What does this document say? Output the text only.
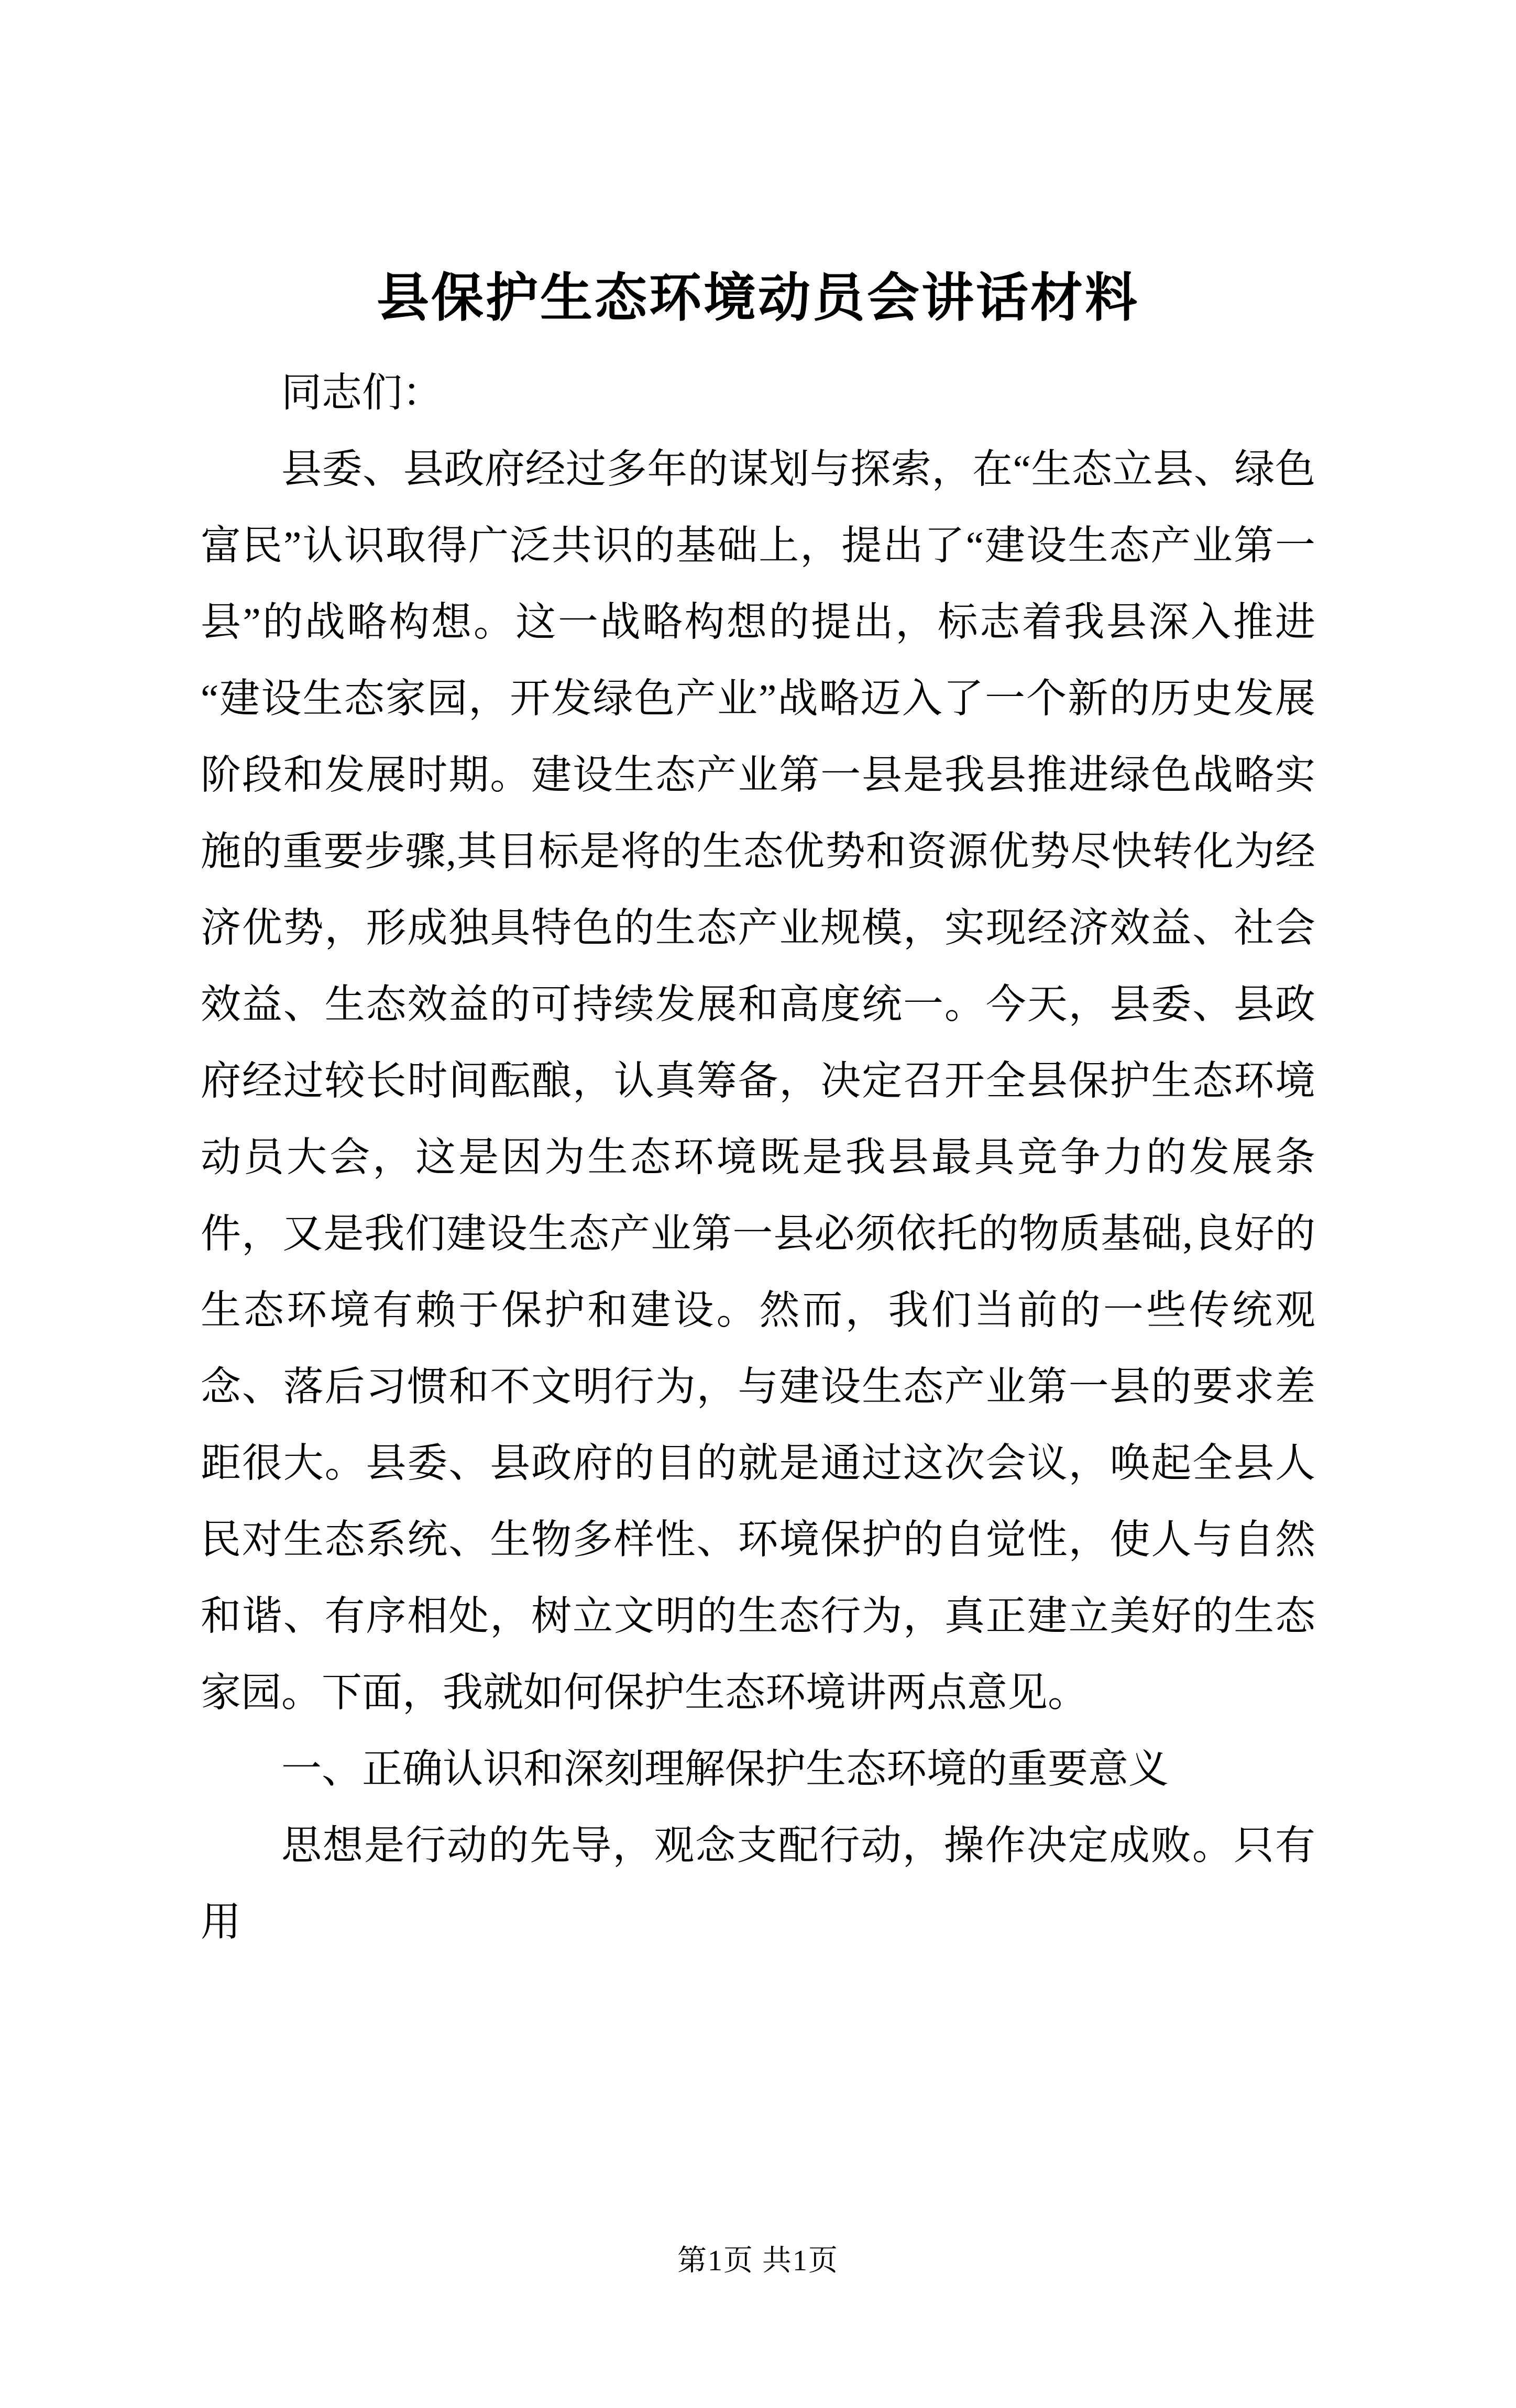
县保护生态环境动员会讲话材料

同志们：

县委、县政府经过多年的谋划与探索，在“生态立县、绿色富民”认识取得广泛共识的基础上，提出了“建设生态产业第一县”的战略构想。这一战略构想的提出，标志着我县深入推进“建设生态家园，开发绿色产业”战略迈入了一个新的历史发展阶段和发展时期。建设生态产业第一县是我县推进绿色战略实施的重要步骤,其目标是将的生态优势和资源优势尽快转化为经济优势，形成独具特色的生态产业规模，实现经济效益、社会效益、生态效益的可持续发展和高度统一。今天，县委、县政府经过较长时间酝酿，认真筹备，决定召开全县保护生态环境动员大会，这是因为生态环境既是我县最具竞争力的发展条件，又是我们建设生态产业第一县必须依托的物质基础,良好的生态环境有赖于保护和建设。然而，我们当前的一些传统观念、落后习惯和不文明行为，与建设生态产业第一县的要求差距很大。县委、县政府的目的就是通过这次会议，唤起全县人民对生态系统、生物多样性、环境保护的自觉性，使人与自然和谐、有序相处，树立文明的生态行为，真正建立美好的生态家园。下面，我就如何保护生态环境讲两点意见。

一、正确认识和深刻理解保护生态环境的重要意义

思想是行动的先导，观念支配行动，操作决定成败。只有用

第1页 共1页
